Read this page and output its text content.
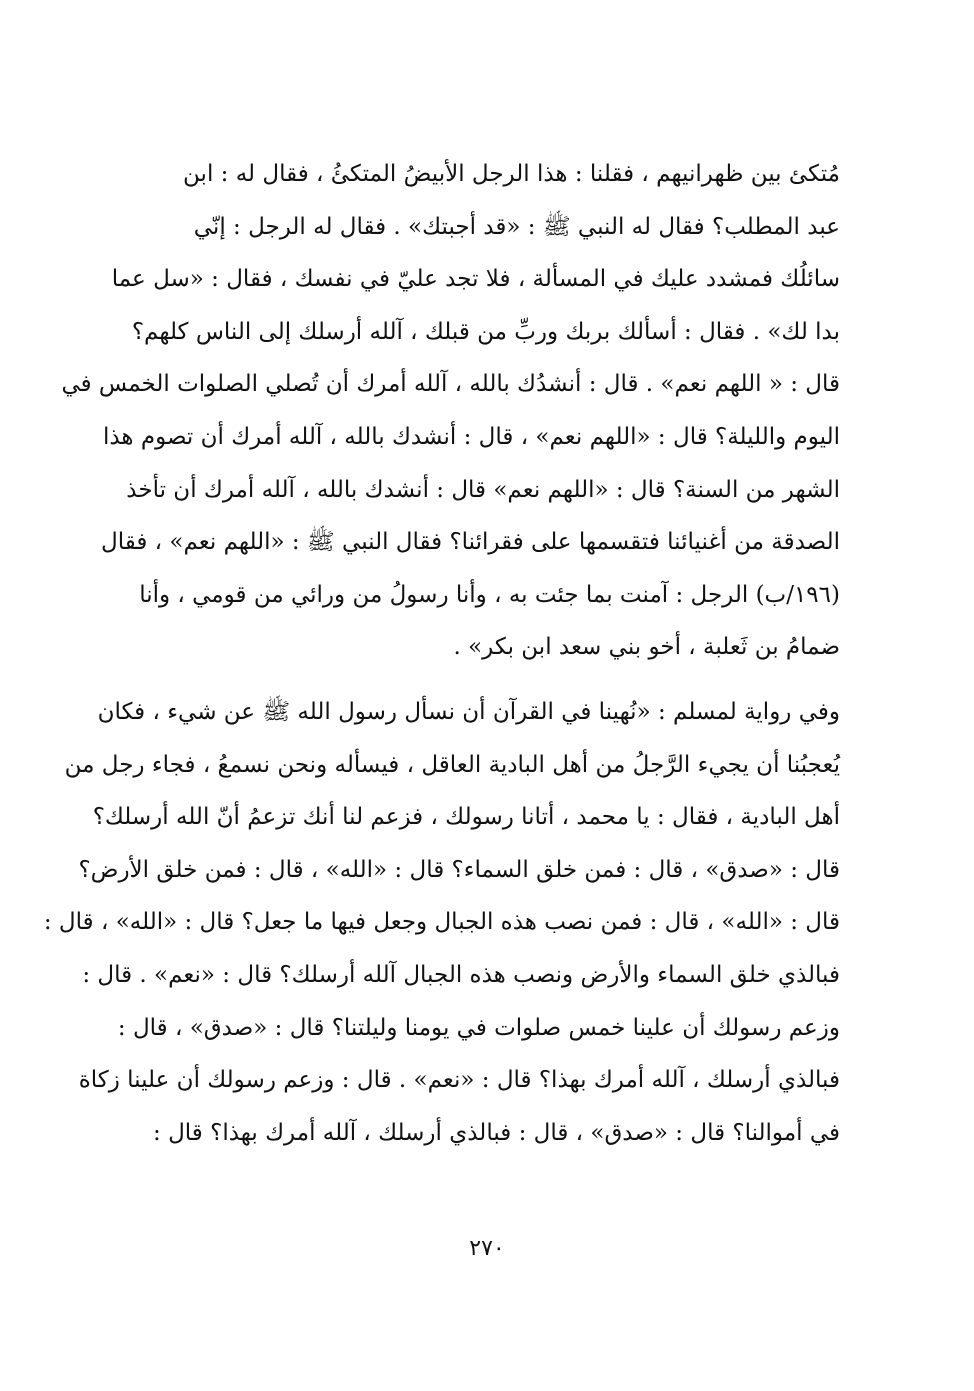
مُتكئ بين ظهرانيهم ، فقلنا : هذا الرجل الأبيضُ المتكئُ ، فقال له : ابن
عبد المطلب؟ فقال له النبي ﷺ : «قد أجبتك» . فقال له الرجل : إنّي
سائلُك فمشدد عليك في المسألة ، فلا تجد عليّ في نفسك ، فقال : «سل عما
بدا لك» . فقال : أسألك بربك وربِّ من قبلك ، آلله أرسلك إلى الناس كلهم؟
قال : « اللهم نعم» . قال : أنشدُك بالله ، آلله أمرك أن تُصلي الصلوات الخمس في
اليوم والليلة؟ قال : «اللهم نعم» ، قال : أنشدك بالله ، آلله أمرك أن تصوم هذا
الشهر من السنة؟ قال : «اللهم نعم» قال : أنشدك بالله ، آلله أمرك أن تأخذ
الصدقة من أغنيائنا فتقسمها على فقرائنا؟ فقال النبي ﷺ : «اللهم نعم» ، فقال
(١٩٦/ب) الرجل : آمنت بما جئت به ، وأنا رسولُ من ورائي من قومي ، وأنا
ضمامُ بن ثَعلبة ، أخو بني سعد ابن بكر» .
وفي رواية لمسلم : «نُهينا في القرآن أن نسأل رسول الله ﷺ عن شيء ، فكان
يُعجبُنا أن يجيء الرَّجلُ من أهل البادية العاقل ، فيسأله ونحن نسمعُ ، فجاء رجل من
أهل البادية ، فقال : يا محمد ، أتانا رسولك ، فزعم لنا أنك تزعمُ أنّ الله أرسلك؟
قال : «صدق» ، قال : فمن خلق السماء؟ قال : «الله» ، قال : فمن خلق الأرض؟
قال : «الله» ، قال : فمن نصب هذه الجبال وجعل فيها ما جعل؟ قال : «الله» ، قال :
فبالذي خلق السماء والأرض ونصب هذه الجبال آلله أرسلك؟ قال : «نعم» . قال :
وزعم رسولك أن علينا خمس صلوات في يومنا وليلتنا؟ قال : «صدق» ، قال :
فبالذي أرسلك ، آلله أمرك بهذا؟ قال : «نعم» . قال : وزعم رسولك أن علينا زكاة
في أموالنا؟ قال : «صدق» ، قال : فبالذي أرسلك ، آلله أمرك بهذا؟ قال :
٢٧٠
